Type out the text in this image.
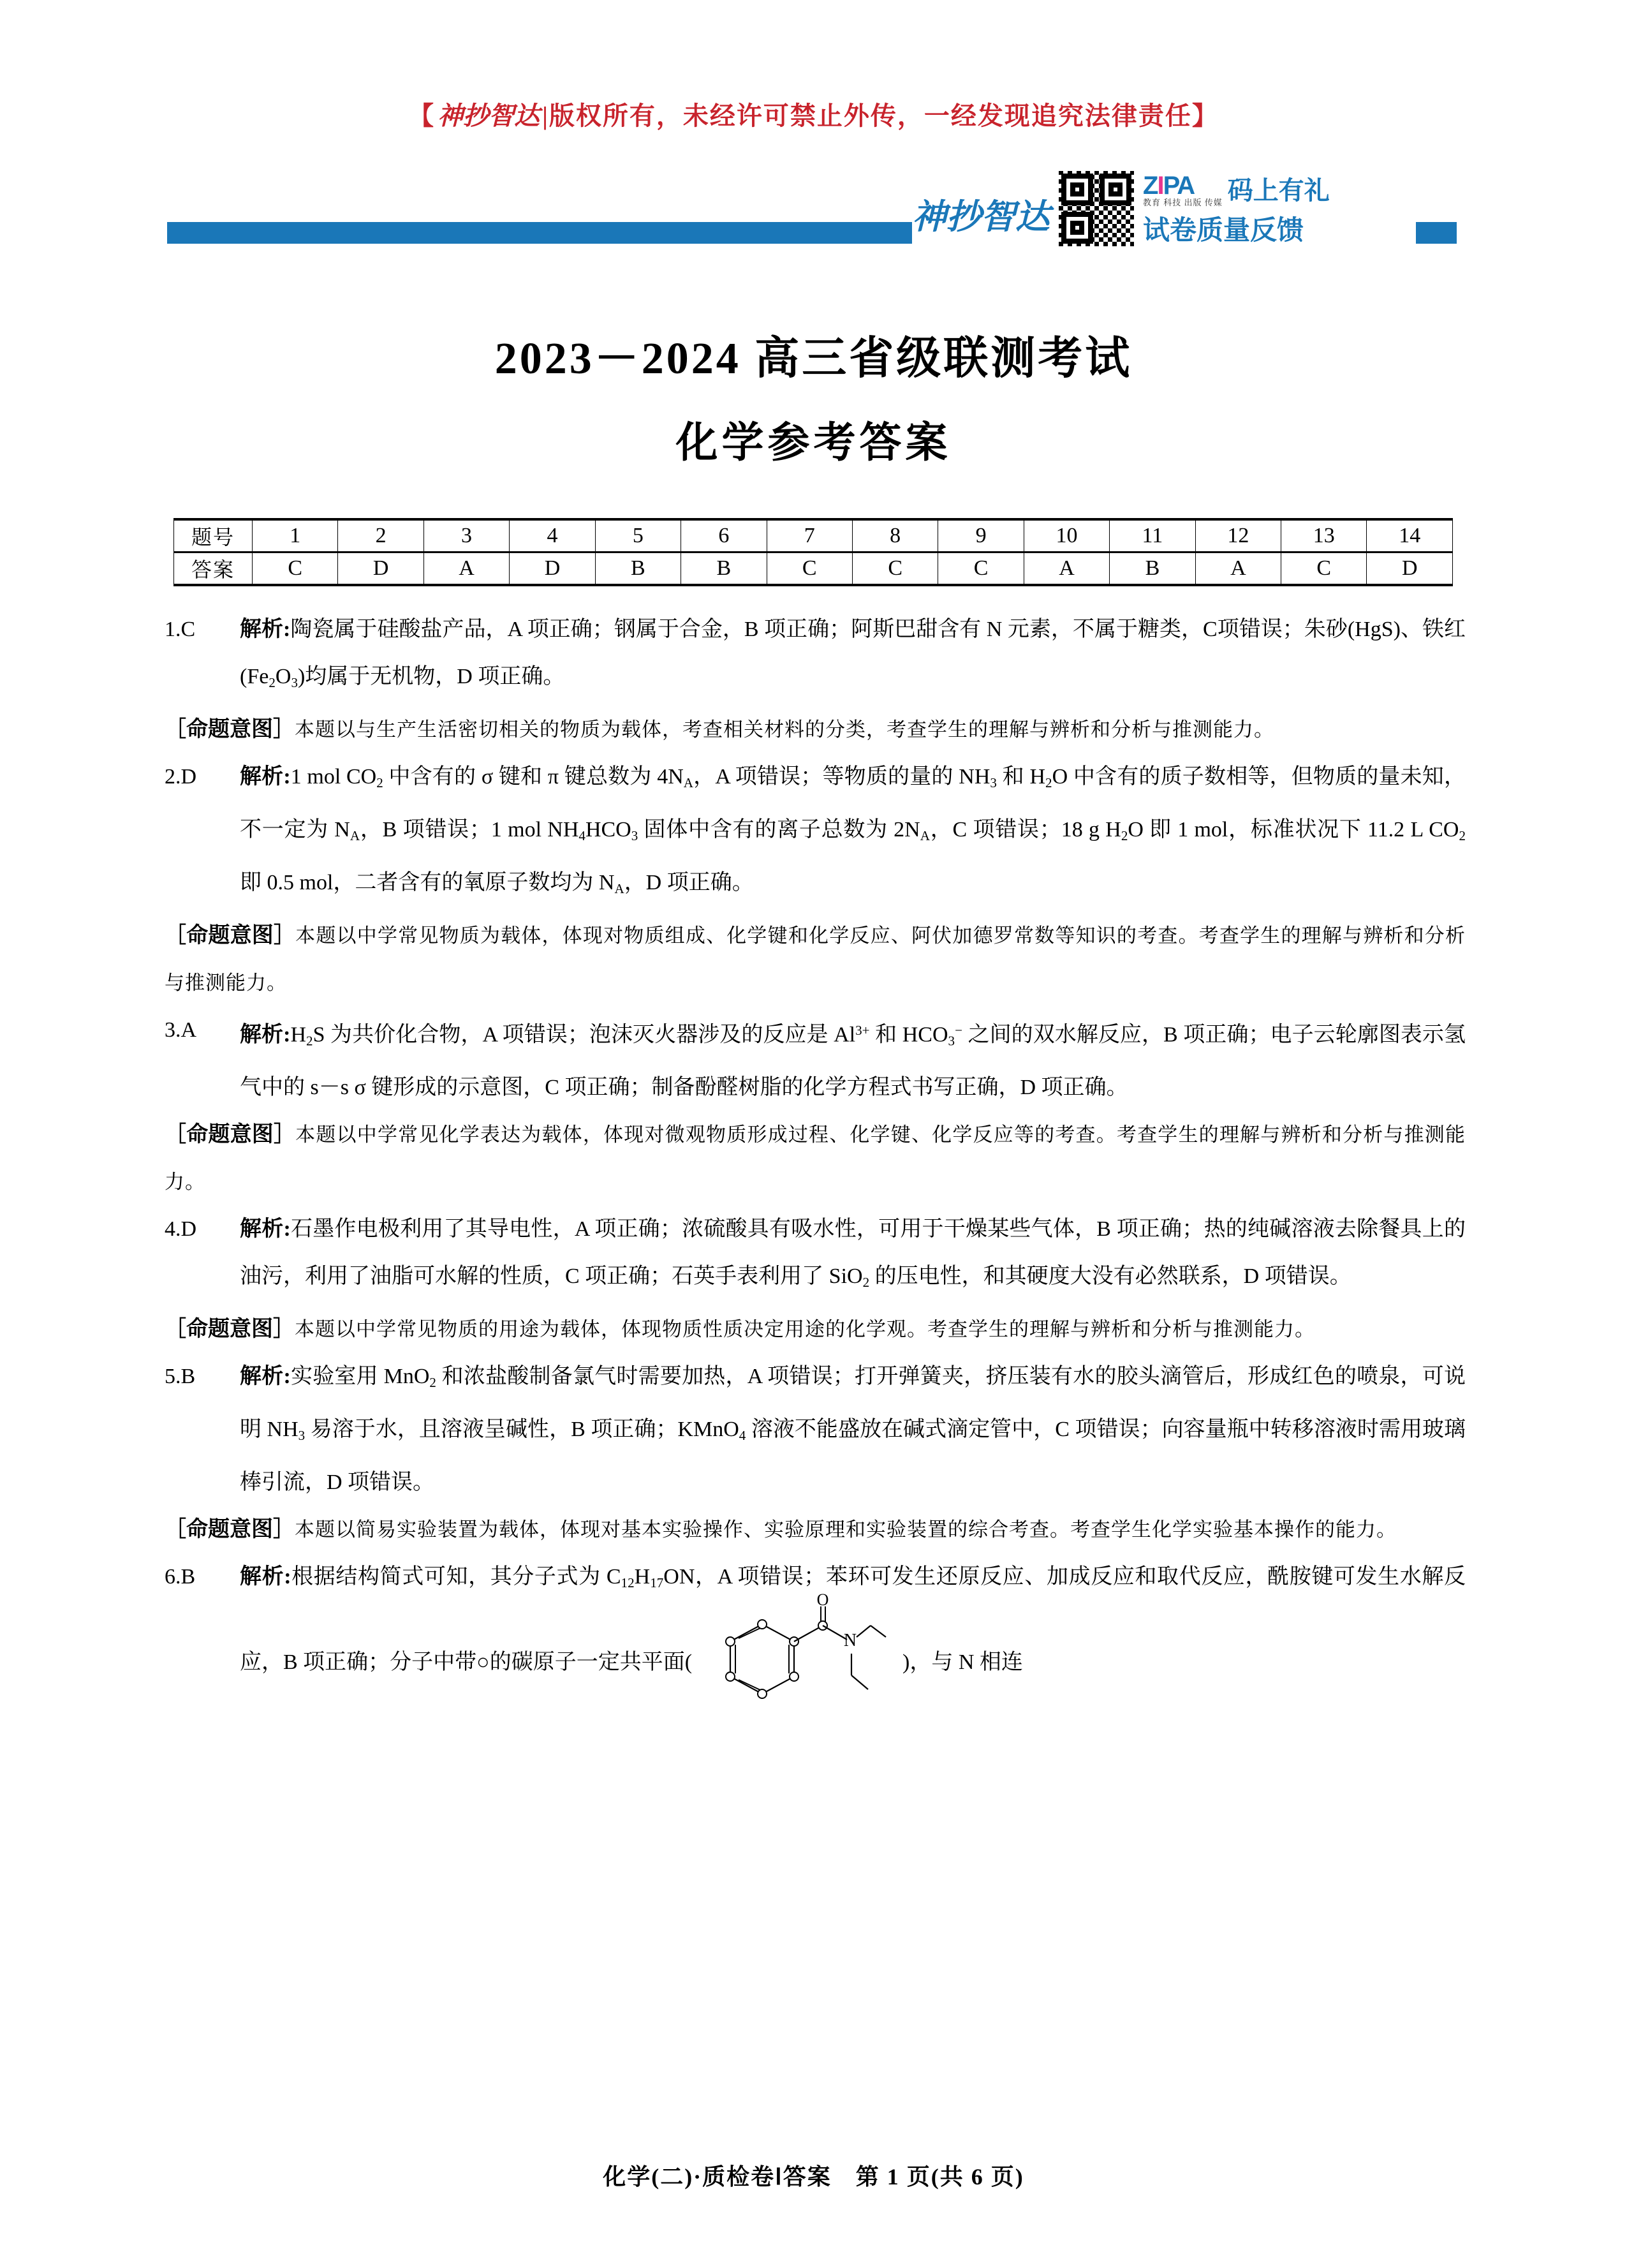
【 神抄智达 |版权所有，未经许可禁止外传，一经发现追究法律责任】
神抄智达
ZIPA
教育 科技 出版 传媒 码上有礼
试卷质量反馈
2023－2024 高三省级联测考试
化学参考答案
题号	1	2	3	4	5	6	7	8	9	10	11	12	13	14
答案	C	D	A	D	B	B	C	C	C	A	B	A	C	D
1.C	解析:陶瓷属于硅酸盐产品，A 项正确；钢属于合金，B 项正确；阿斯巴甜含有 N 元素，不属于糖类，C项错误；朱砂(HgS)、铁红$(Fe_2O_3)$均属于无机物，D 项正确。
［命题意图］本题以与生产生活密切相关的物质为载体，考查相关材料的分类，考查学生的理解与辨析和分析与推测能力。
2.D	解析:1 mol $CO_2$ 中含有的 σ 键和 π 键总数为 $4N_A$，A 项错误；等物质的量的 $NH_3$ 和 $H_2O$ 中含有的质子数相等，但物质的量未知，不一定为 $N_A$，B 项错误；1 mol $NH_4HCO_3$ 固体中含有的离子总数为 $2N_A$，C 项错误；18 g $H_2O$ 即 1 mol，标准状况下 11.2 L $CO_2$ 即 0.5 mol，二者含有的氧原子数均为 $N_A$，D 项正确。
［命题意图］本题以中学常见物质为载体，体现对物质组成、化学键和化学反应、阿伏加德罗常数等知识的考查。考查学生的理解与辨析和分析与推测能力。
3.A	解析$:H_2S$ 为共价化合物，A 项错误；泡沫灭火器涉及的反应是 $Al^{3+}$ 和 $HCO_3^-$ 之间的双水解反应，B 项正确；电子云轮廓图表示氢气中的 s－s σ 键形成的示意图，C 项正确；制备酚醛树脂的化学方程式书写正确，D 项正确。
［命题意图］本题以中学常见化学表达为载体，体现对微观物质形成过程、化学键、化学反应等的考查。考查学生的理解与辨析和分析与推测能力。
4.D	解析:石墨作电极利用了其导电性，A 项正确；浓硫酸具有吸水性，可用于干燥某些气体，B 项正确；热的纯碱溶液去除餐具上的油污，利用了油脂可水解的性质，C 项正确；石英手表利用了 SiO$_2$ 的压电性，和其硬度大没有必然联系，D 项错误。
［命题意图］本题以中学常见物质的用途为载体，体现物质性质决定用途的化学观。考查学生的理解与辨析和分析与推测能力。
5.B	解析:实验室用 MnO$_2$ 和浓盐酸制备氯气时需要加热，A 项错误；打开弹簧夹，挤压装有水的胶头滴管后，形成红色的喷泉，可说明 $NH_3$ 易溶于水，且溶液呈碱性，B 项正确；KMnO$_4$ 溶液不能盛放在碱式滴定管中，C 项错误；向容量瓶中转移溶液时需用玻璃棒引流，D 项错误。
［命题意图］本题以简易实验装置为载体，体现对基本实验操作、实验原理和实验装置的综合考查。考查学生化学实验基本操作的能力。
6.B	解析:根据结构简式可知，其分子式为 $C_{12}H_{17}ON$，A 项错误；苯环可发生还原反应、加成反应和取代反应，酰胺键可发生水解反应，B 项正确；分子中带○的碳原子一定共平面(
O
N
)，与 N 相连
化学(二)·质检卷Ⅰ答案　第 1 页(共 6 页)
